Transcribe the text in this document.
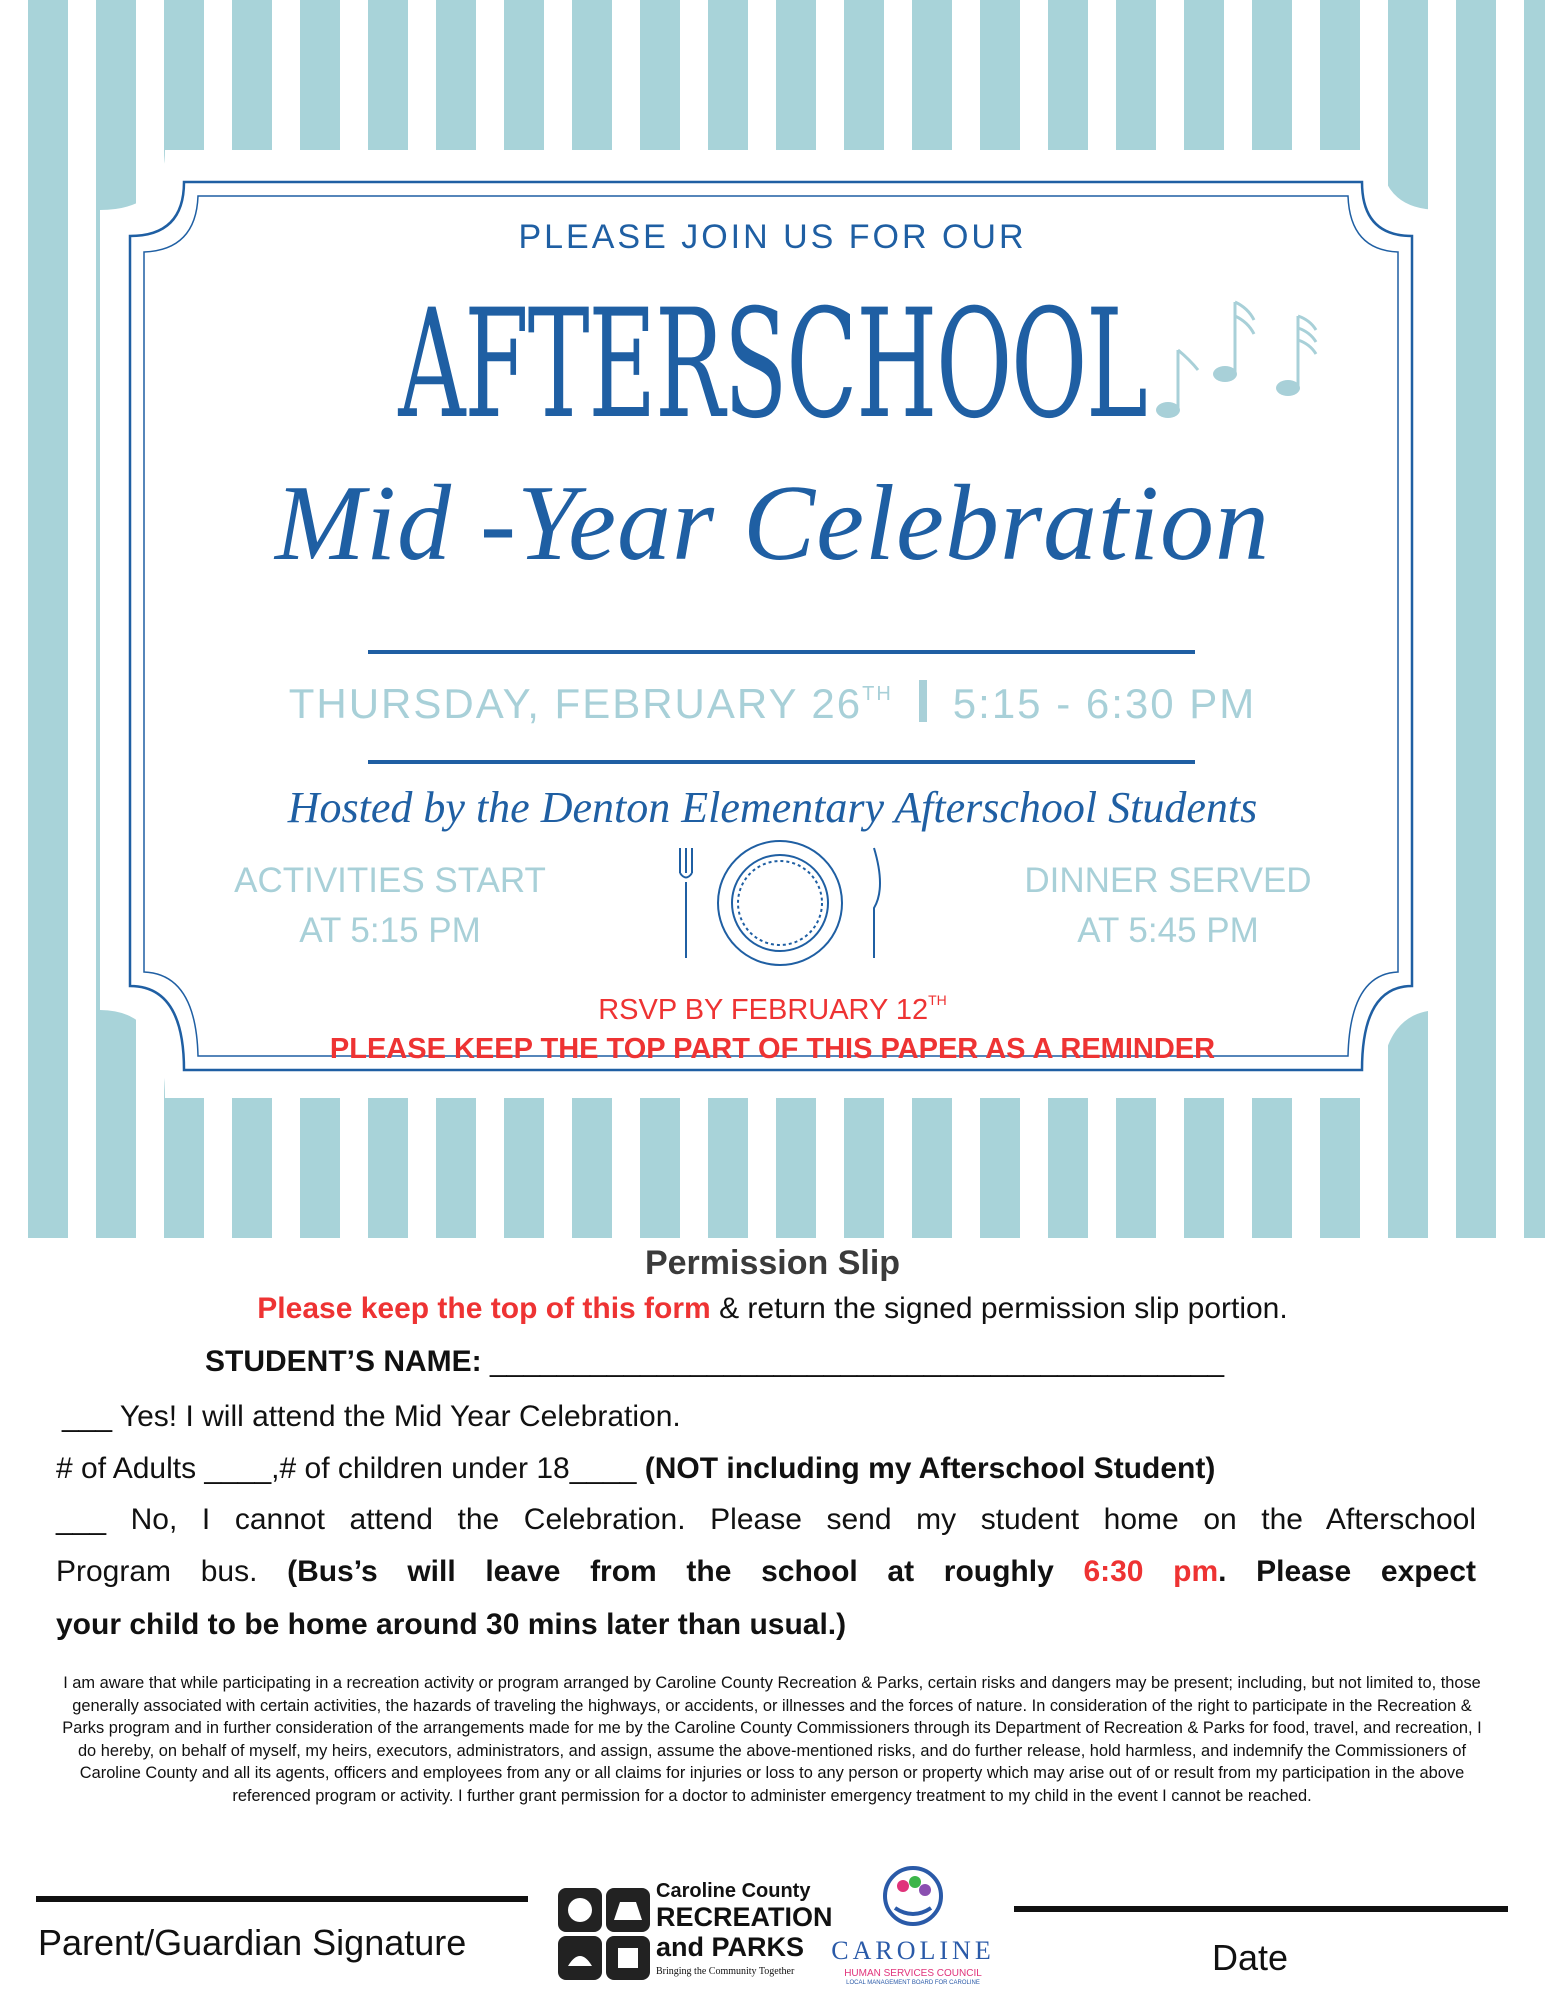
PLEASE JOIN US FOR OUR
AFTERSCHOOL
Mid -Year Celebration
THURSDAY, FEBRUARY 26TH 5:15 - 6:30 PM
Hosted by the Denton Elementary Afterschool Students
ACTIVITIES START
AT 5:15 PM
DINNER SERVED
AT 5:45 PM
RSVP BY FEBRUARY 12TH
PLEASE KEEP THE TOP PART OF THIS PAPER AS A REMINDER
Permission Slip
Please keep the top of this form & return the signed permission slip portion.
STUDENT’S NAME: ____________________________________________
___ Yes! I will attend the Mid Year Celebration.
# of Adults ____,# of children under 18____ (NOT including my Afterschool Student)
___ No, I cannot attend the Celebration. Please send my student home on the Afterschool
Program bus. (Bus’s will leave from the school at roughly 6:30 pm. Please expect
your child to be home around 30 mins later than usual.)
I am aware that while participating in a recreation activity or program arranged by Caroline County Recreation & Parks, certain risks and dangers may be present; including, but not limited to, those generally associated with certain activities, the hazards of traveling the highways, or accidents, or illnesses and the forces of nature. In consideration of the right to participate in the Recreation & Parks program and in further consideration of the arrangements made for me by the Caroline County Commissioners through its Department of Recreation & Parks for food, travel, and recreation, I do hereby, on behalf of myself, my heirs, executors, administrators, and assign, assume the above-mentioned risks, and do further release, hold harmless, and indemnify the Commissioners of Caroline County and all its agents, officers and employees from any or all claims for injuries or loss to any person or property which may arise out of or result from my participation in the above referenced program or activity. I further grant permission for a doctor to administer emergency treatment to my child in the event I cannot be reached.
Parent/Guardian Signature	Date
Caroline County
RECREATION
and PARKS
Bringing the Community Together
CAROLINE
HUMAN SERVICES COUNCIL
LOCAL MANAGEMENT BOARD FOR CAROLINE
